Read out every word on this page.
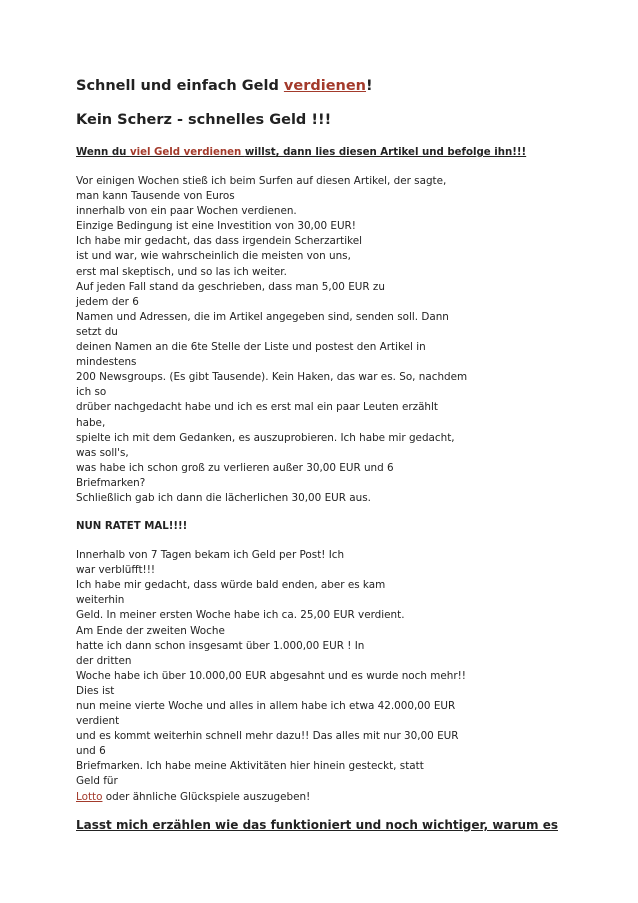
Schnell und einfach Geld verdienen!
Kein Scherz - schnelles Geld !!!
Wenn du viel Geld verdienen willst, dann lies diesen Artikel und befolge ihn!!!
Vor einigen Wochen stieß ich beim Surfen auf diesen Artikel, der sagte,
man kann Tausende von Euros
innerhalb von ein paar Wochen verdienen.
Einzige Bedingung ist eine Investition von 30,00 EUR!
Ich habe mir gedacht, das dass irgendein Scherzartikel
ist und war, wie wahrscheinlich die meisten von uns,
erst mal skeptisch, und so las ich weiter.
Auf jeden Fall stand da geschrieben, dass man 5,00 EUR zu
jedem der 6
Namen und Adressen, die im Artikel angegeben sind, senden soll. Dann
setzt du
deinen Namen an die 6te Stelle der Liste und postest den Artikel in
mindestens
200 Newsgroups. (Es gibt Tausende). Kein Haken, das war es. So, nachdem
ich so
drüber nachgedacht habe und ich es erst mal ein paar Leuten erzählt
habe,
spielte ich mit dem Gedanken, es auszuprobieren. Ich habe mir gedacht,
was soll's,
was habe ich schon groß zu verlieren außer 30,00 EUR und 6
Briefmarken?
Schließlich gab ich dann die lächerlichen 30,00 EUR aus.
NUN RATET MAL!!!!
Innerhalb von 7 Tagen bekam ich Geld per Post! Ich
war verblüfft!!!
Ich habe mir gedacht, dass würde bald enden, aber es kam
weiterhin
Geld. In meiner ersten Woche habe ich ca. 25,00 EUR verdient.
Am Ende der zweiten Woche
hatte ich dann schon insgesamt über 1.000,00 EUR ! In
der dritten
Woche habe ich über 10.000,00 EUR abgesahnt und es wurde noch mehr!!
Dies ist
nun meine vierte Woche und alles in allem habe ich etwa 42.000,00 EUR
verdient
und es kommt weiterhin schnell mehr dazu!! Das alles mit nur 30,00 EUR
und 6
Briefmarken. Ich habe meine Aktivitäten hier hinein gesteckt, statt
Geld für
Lotto oder ähnliche Glückspiele auszugeben!
Lasst mich erzählen wie das funktioniert und noch wichtiger, warum es
